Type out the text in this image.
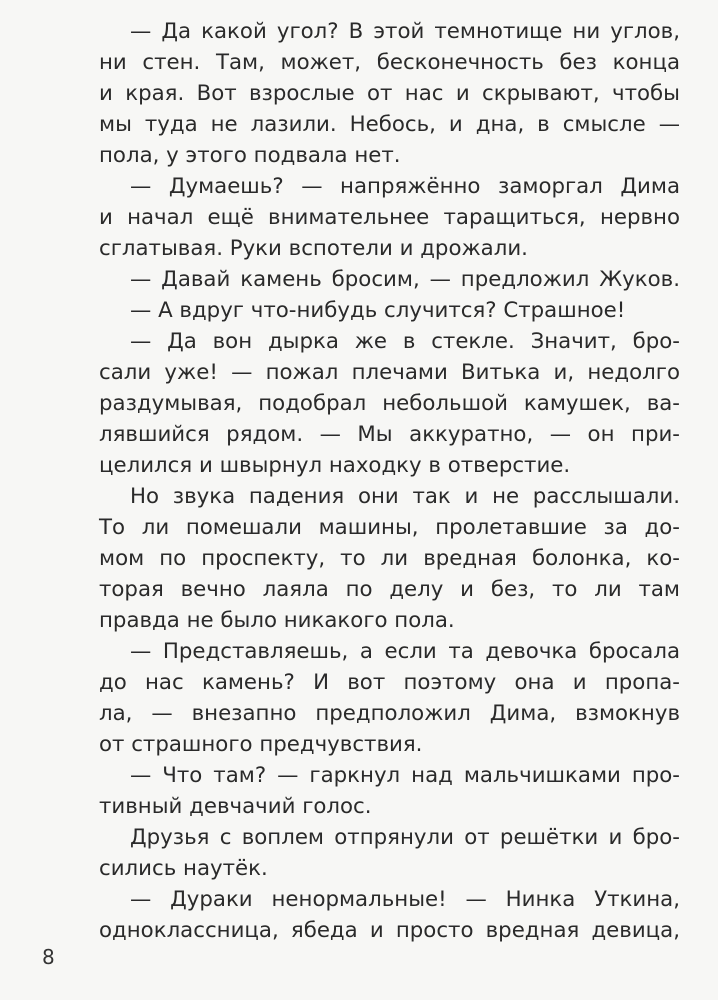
— Да какой угол? В этой темнотище ни углов,
ни стен. Там, может, бесконечность без конца
и края. Вот взрослые от нас и скрывают, чтобы
мы туда не лазили. Небось, и дна, в смысле —
пола, у этого подвала нет.
— Думаешь? — напряжённо заморгал Дима
и начал ещё внимательнее таращиться, нервно
сглатывая. Руки вспотели и дрожали.
— Давай камень бросим, — предложил Жуков.
— А вдруг что-нибудь случится? Страшное!
— Да вон дырка же в стекле. Значит, бро-
сали уже! — пожал плечами Витька и, недолго
раздумывая, подобрал небольшой камушек, ва-
лявшийся рядом. — Мы аккуратно, — он при-
целился и швырнул находку в отверстие.
Но звука падения они так и не расслышали.
То ли помешали машины, пролетавшие за до-
мом по проспекту, то ли вредная болонка, ко-
торая вечно лаяла по делу и без, то ли там
правда не было никакого пола.
— Представляешь, а если та девочка бросала
до нас камень? И вот поэтому она и пропа-
ла, — внезапно предположил Дима, взмокнув
от страшного предчувствия.
— Что там? — гаркнул над мальчишками про-
тивный девчачий голос.
Друзья с воплем отпрянули от решётки и бро-
сились наутёк.
— Дураки ненормальные! — Нинка Уткина,
одноклассница, ябеда и просто вредная девица,
8
